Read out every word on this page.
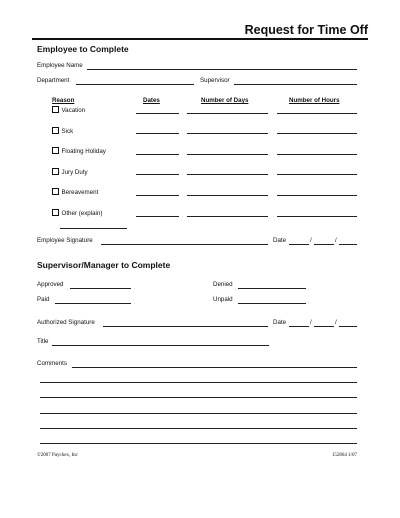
Request for Time Off
Employee to Complete
Employee Name
Department	Supervisor
Reason	Dates	Number of Days	Number of Hours
Vacation
Sick
Floating Holiday
Jury Duty
Bereavement
Other (explain)
Employee Signature	Date	/	/
Supervisor/Manager to Complete
Approved	Denied
Paid	Unpaid
Authorized Signature	Date	/	/
Title
Comments
©2007 Paychex, Inc	152864 1/07
